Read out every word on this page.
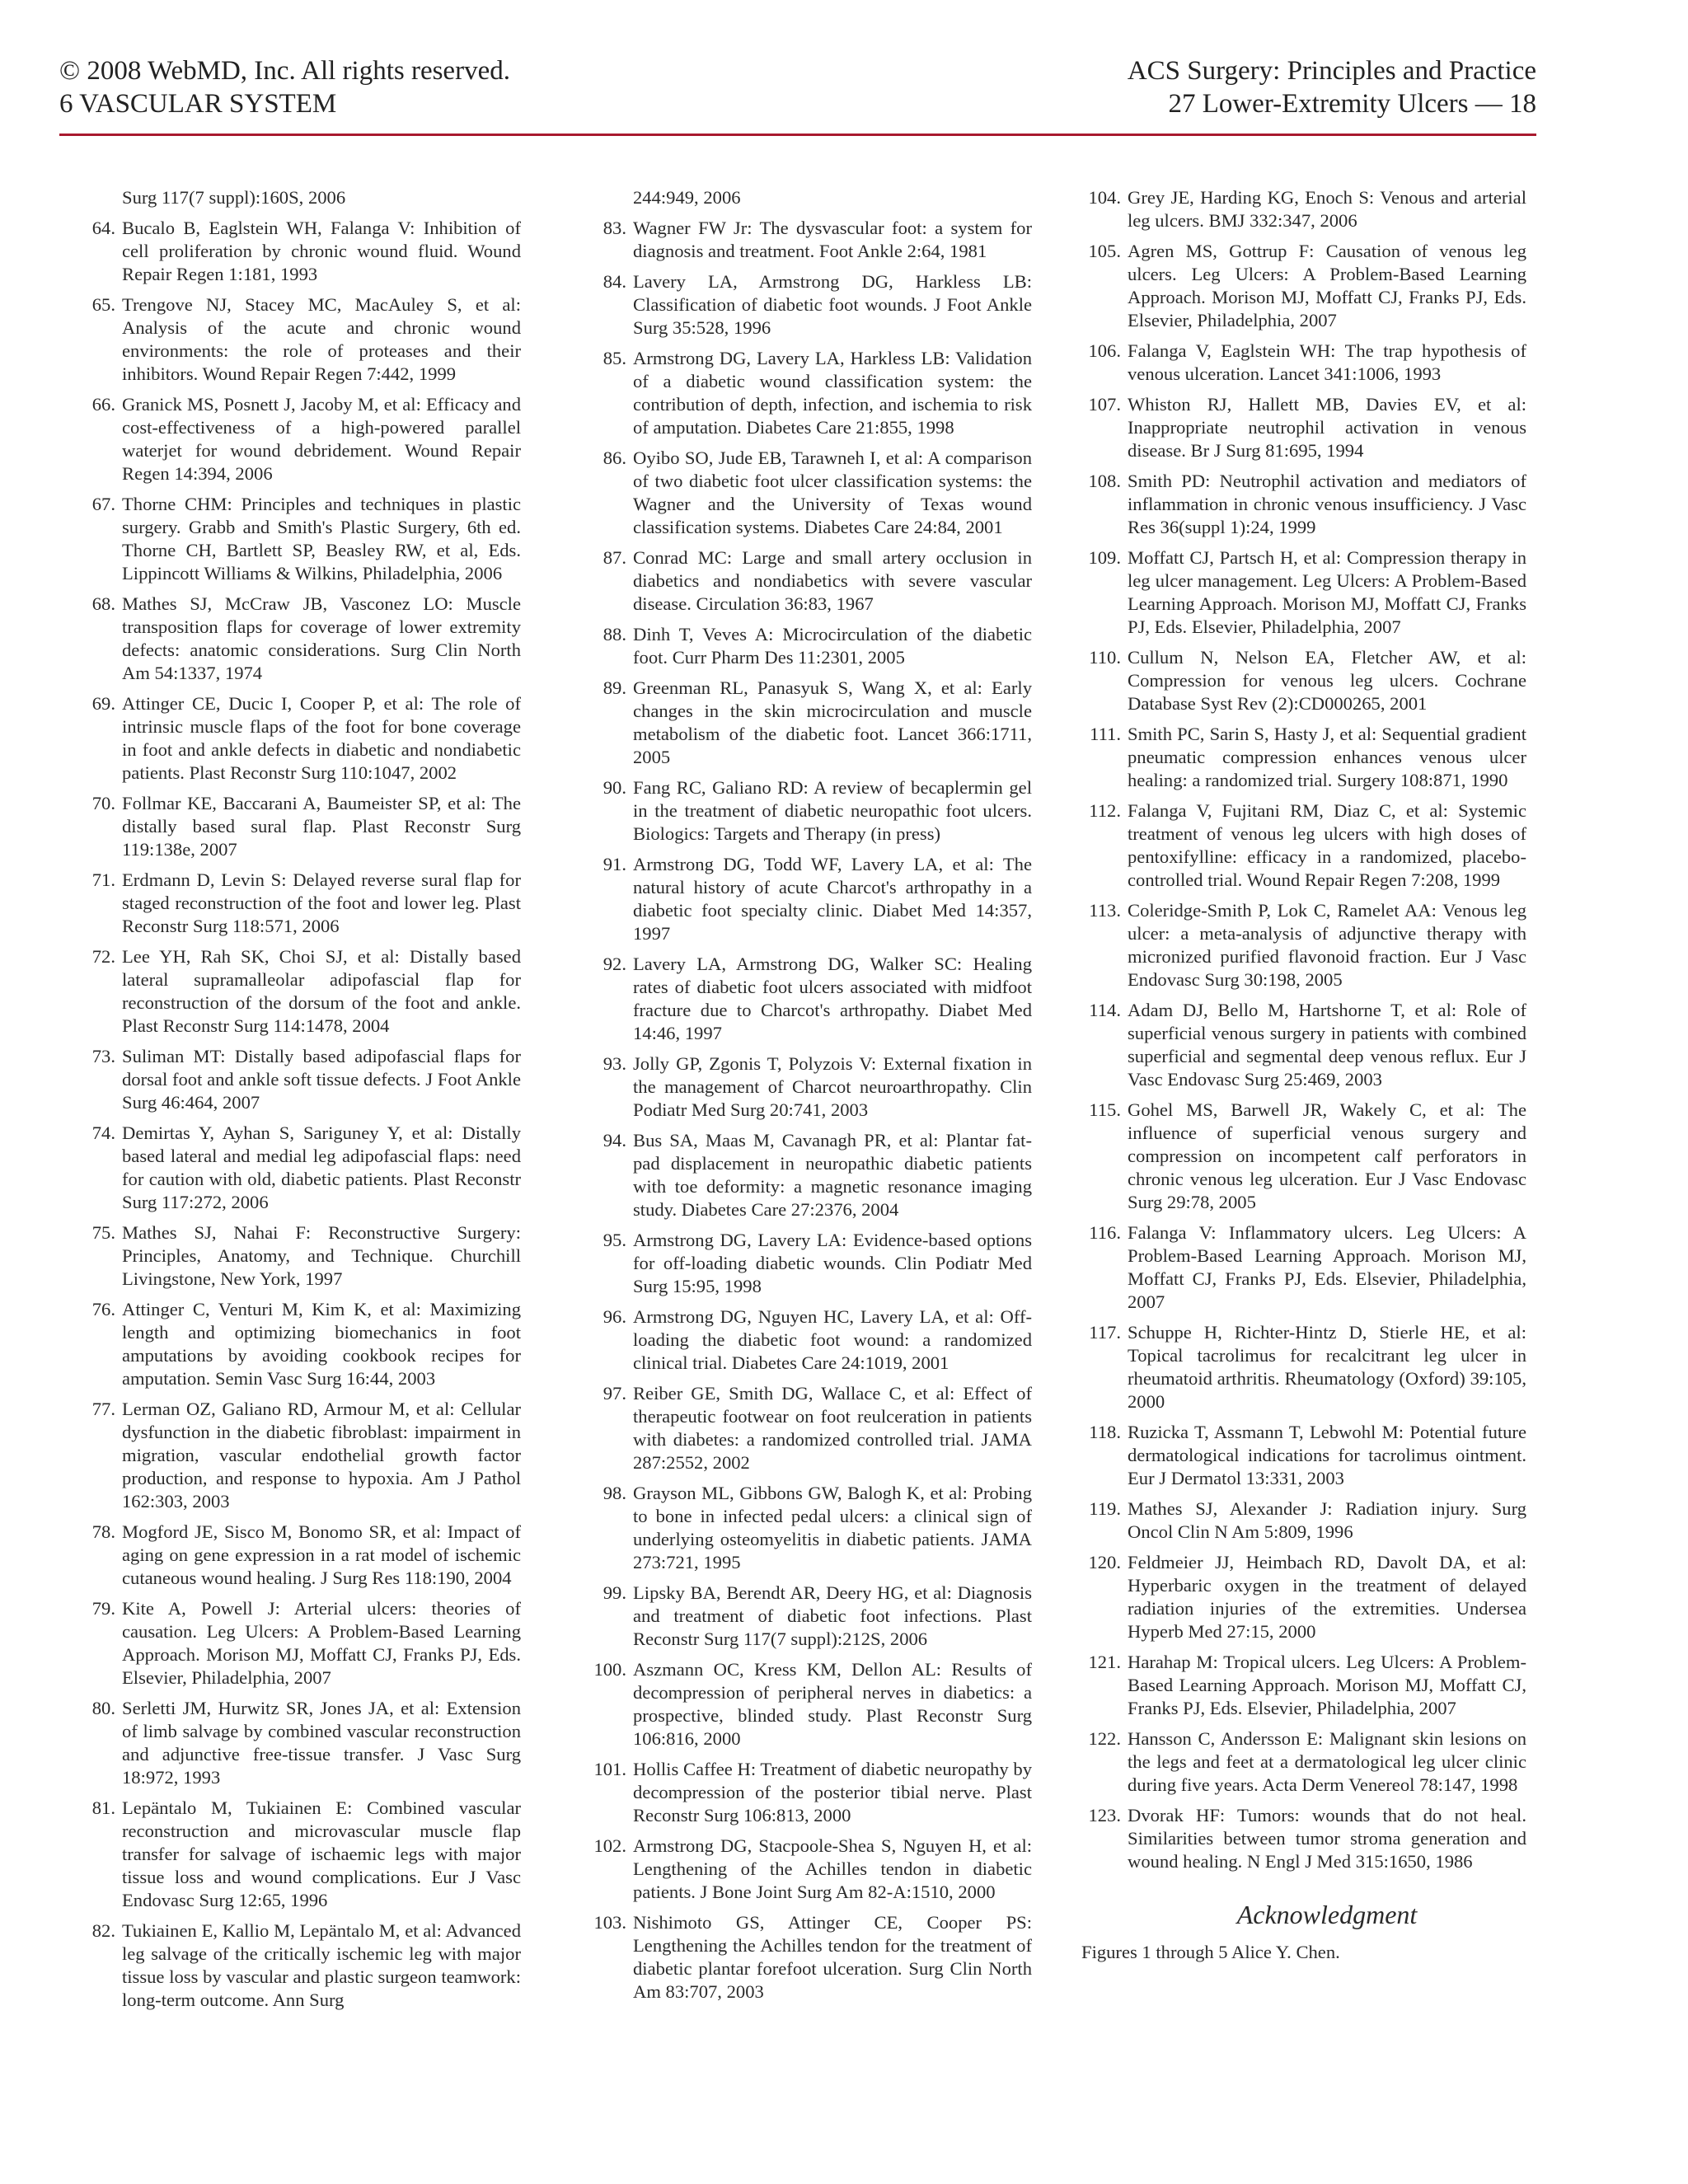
© 2008 WebMD, Inc. All rights reserved.
6 VASCULAR SYSTEM
ACS Surgery: Principles and Practice
27 Lower-Extremity Ulcers — 18
Surg 117(7 suppl):160S, 2006
64. Bucalo B, Eaglstein WH, Falanga V: Inhibition of cell proliferation by chronic wound fluid. Wound Repair Regen 1:181, 1993
65. Trengove NJ, Stacey MC, MacAuley S, et al: Analysis of the acute and chronic wound environments: the role of proteases and their inhibitors. Wound Repair Regen 7:442, 1999
66. Granick MS, Posnett J, Jacoby M, et al: Efficacy and cost-effectiveness of a high-powered parallel waterjet for wound debridement. Wound Repair Regen 14:394, 2006
67. Thorne CHM: Principles and techniques in plastic surgery. Grabb and Smith's Plastic Surgery, 6th ed. Thorne CH, Bartlett SP, Beasley RW, et al, Eds. Lippincott Williams & Wilkins, Philadelphia, 2006
68. Mathes SJ, McCraw JB, Vasconez LO: Muscle transposition flaps for coverage of lower extremity defects: anatomic considerations. Surg Clin North Am 54:1337, 1974
69. Attinger CE, Ducic I, Cooper P, et al: The role of intrinsic muscle flaps of the foot for bone coverage in foot and ankle defects in diabetic and nondiabetic patients. Plast Reconstr Surg 110:1047, 2002
70. Follmar KE, Baccarani A, Baumeister SP, et al: The distally based sural flap. Plast Reconstr Surg 119:138e, 2007
71. Erdmann D, Levin S: Delayed reverse sural flap for staged reconstruction of the foot and lower leg. Plast Reconstr Surg 118:571, 2006
72. Lee YH, Rah SK, Choi SJ, et al: Distally based lateral supramalleolar adipofascial flap for reconstruction of the dorsum of the foot and ankle. Plast Reconstr Surg 114:1478, 2004
73. Suliman MT: Distally based adipofascial flaps for dorsal foot and ankle soft tissue defects. J Foot Ankle Surg 46:464, 2007
74. Demirtas Y, Ayhan S, Sariguney Y, et al: Distally based lateral and medial leg adipofascial flaps: need for caution with old, diabetic patients. Plast Reconstr Surg 117:272, 2006
75. Mathes SJ, Nahai F: Reconstructive Surgery: Principles, Anatomy, and Technique. Churchill Livingstone, New York, 1997
76. Attinger C, Venturi M, Kim K, et al: Maximizing length and optimizing biomechanics in foot amputations by avoiding cookbook recipes for amputation. Semin Vasc Surg 16:44, 2003
77. Lerman OZ, Galiano RD, Armour M, et al: Cellular dysfunction in the diabetic fibroblast: impairment in migration, vascular endothelial growth factor production, and response to hypoxia. Am J Pathol 162:303, 2003
78. Mogford JE, Sisco M, Bonomo SR, et al: Impact of aging on gene expression in a rat model of ischemic cutaneous wound healing. J Surg Res 118:190, 2004
79. Kite A, Powell J: Arterial ulcers: theories of causation. Leg Ulcers: A Problem-Based Learning Approach. Morison MJ, Moffatt CJ, Franks PJ, Eds. Elsevier, Philadelphia, 2007
80. Serletti JM, Hurwitz SR, Jones JA, et al: Extension of limb salvage by combined vascular reconstruction and adjunctive free-tissue transfer. J Vasc Surg 18:972, 1993
81. Lepäntalo M, Tukiainen E: Combined vascular reconstruction and microvascular muscle flap transfer for salvage of ischaemic legs with major tissue loss and wound complications. Eur J Vasc Endovasc Surg 12:65, 1996
82. Tukiainen E, Kallio M, Lepäntalo M, et al: Advanced leg salvage of the critically ischemic leg with major tissue loss by vascular and plastic surgeon teamwork: long-term outcome. Ann Surg
244:949, 2006
83. Wagner FW Jr: The dysvascular foot: a system for diagnosis and treatment. Foot Ankle 2:64, 1981
84. Lavery LA, Armstrong DG, Harkless LB: Classification of diabetic foot wounds. J Foot Ankle Surg 35:528, 1996
85. Armstrong DG, Lavery LA, Harkless LB: Validation of a diabetic wound classification system: the contribution of depth, infection, and ischemia to risk of amputation. Diabetes Care 21:855, 1998
86. Oyibo SO, Jude EB, Tarawneh I, et al: A comparison of two diabetic foot ulcer classification systems: the Wagner and the University of Texas wound classification systems. Diabetes Care 24:84, 2001
87. Conrad MC: Large and small artery occlusion in diabetics and nondiabetics with severe vascular disease. Circulation 36:83, 1967
88. Dinh T, Veves A: Microcirculation of the diabetic foot. Curr Pharm Des 11:2301, 2005
89. Greenman RL, Panasyuk S, Wang X, et al: Early changes in the skin microcirculation and muscle metabolism of the diabetic foot. Lancet 366:1711, 2005
90. Fang RC, Galiano RD: A review of becaplermin gel in the treatment of diabetic neuropathic foot ulcers. Biologics: Targets and Therapy (in press)
91. Armstrong DG, Todd WF, Lavery LA, et al: The natural history of acute Charcot's arthropathy in a diabetic foot specialty clinic. Diabet Med 14:357, 1997
92. Lavery LA, Armstrong DG, Walker SC: Healing rates of diabetic foot ulcers associated with midfoot fracture due to Charcot's arthropathy. Diabet Med 14:46, 1997
93. Jolly GP, Zgonis T, Polyzois V: External fixation in the management of Charcot neuroarthropathy. Clin Podiatr Med Surg 20:741, 2003
94. Bus SA, Maas M, Cavanagh PR, et al: Plantar fat-pad displacement in neuropathic diabetic patients with toe deformity: a magnetic resonance imaging study. Diabetes Care 27:2376, 2004
95. Armstrong DG, Lavery LA: Evidence-based options for off-loading diabetic wounds. Clin Podiatr Med Surg 15:95, 1998
96. Armstrong DG, Nguyen HC, Lavery LA, et al: Off-loading the diabetic foot wound: a randomized clinical trial. Diabetes Care 24:1019, 2001
97. Reiber GE, Smith DG, Wallace C, et al: Effect of therapeutic footwear on foot reulceration in patients with diabetes: a randomized controlled trial. JAMA 287:2552, 2002
98. Grayson ML, Gibbons GW, Balogh K, et al: Probing to bone in infected pedal ulcers: a clinical sign of underlying osteomyelitis in diabetic patients. JAMA 273:721, 1995
99. Lipsky BA, Berendt AR, Deery HG, et al: Diagnosis and treatment of diabetic foot infections. Plast Reconstr Surg 117(7 suppl):212S, 2006
100. Aszmann OC, Kress KM, Dellon AL: Results of decompression of peripheral nerves in diabetics: a prospective, blinded study. Plast Reconstr Surg 106:816, 2000
101. Hollis Caffee H: Treatment of diabetic neuropathy by decompression of the posterior tibial nerve. Plast Reconstr Surg 106:813, 2000
102. Armstrong DG, Stacpoole-Shea S, Nguyen H, et al: Lengthening of the Achilles tendon in diabetic patients. J Bone Joint Surg Am 82-A:1510, 2000
103. Nishimoto GS, Attinger CE, Cooper PS: Lengthening the Achilles tendon for the treatment of diabetic plantar forefoot ulceration. Surg Clin North Am 83:707, 2003
104. Grey JE, Harding KG, Enoch S: Venous and arterial leg ulcers. BMJ 332:347, 2006
105. Agren MS, Gottrup F: Causation of venous leg ulcers. Leg Ulcers: A Problem-Based Learning Approach. Morison MJ, Moffatt CJ, Franks PJ, Eds. Elsevier, Philadelphia, 2007
106. Falanga V, Eaglstein WH: The trap hypothesis of venous ulceration. Lancet 341:1006, 1993
107. Whiston RJ, Hallett MB, Davies EV, et al: Inappropriate neutrophil activation in venous disease. Br J Surg 81:695, 1994
108. Smith PD: Neutrophil activation and mediators of inflammation in chronic venous insufficiency. J Vasc Res 36(suppl 1):24, 1999
109. Moffatt CJ, Partsch H, et al: Compression therapy in leg ulcer management. Leg Ulcers: A Problem-Based Learning Approach. Morison MJ, Moffatt CJ, Franks PJ, Eds. Elsevier, Philadelphia, 2007
110. Cullum N, Nelson EA, Fletcher AW, et al: Compression for venous leg ulcers. Cochrane Database Syst Rev (2):CD000265, 2001
111. Smith PC, Sarin S, Hasty J, et al: Sequential gradient pneumatic compression enhances venous ulcer healing: a randomized trial. Surgery 108:871, 1990
112. Falanga V, Fujitani RM, Diaz C, et al: Systemic treatment of venous leg ulcers with high doses of pentoxifylline: efficacy in a randomized, placebo-controlled trial. Wound Repair Regen 7:208, 1999
113. Coleridge-Smith P, Lok C, Ramelet AA: Venous leg ulcer: a meta-analysis of adjunctive therapy with micronized purified flavonoid fraction. Eur J Vasc Endovasc Surg 30:198, 2005
114. Adam DJ, Bello M, Hartshorne T, et al: Role of superficial venous surgery in patients with combined superficial and segmental deep venous reflux. Eur J Vasc Endovasc Surg 25:469, 2003
115. Gohel MS, Barwell JR, Wakely C, et al: The influence of superficial venous surgery and compression on incompetent calf perforators in chronic venous leg ulceration. Eur J Vasc Endovasc Surg 29:78, 2005
116. Falanga V: Inflammatory ulcers. Leg Ulcers: A Problem-Based Learning Approach. Morison MJ, Moffatt CJ, Franks PJ, Eds. Elsevier, Philadelphia, 2007
117. Schuppe H, Richter-Hintz D, Stierle HE, et al: Topical tacrolimus for recalcitrant leg ulcer in rheumatoid arthritis. Rheumatology (Oxford) 39:105, 2000
118. Ruzicka T, Assmann T, Lebwohl M: Potential future dermatological indications for tacrolimus ointment. Eur J Dermatol 13:331, 2003
119. Mathes SJ, Alexander J: Radiation injury. Surg Oncol Clin N Am 5:809, 1996
120. Feldmeier JJ, Heimbach RD, Davolt DA, et al: Hyperbaric oxygen in the treatment of delayed radiation injuries of the extremities. Undersea Hyperb Med 27:15, 2000
121. Harahap M: Tropical ulcers. Leg Ulcers: A Problem-Based Learning Approach. Morison MJ, Moffatt CJ, Franks PJ, Eds. Elsevier, Philadelphia, 2007
122. Hansson C, Andersson E: Malignant skin lesions on the legs and feet at a dermatological leg ulcer clinic during five years. Acta Derm Venereol 78:147, 1998
123. Dvorak HF: Tumors: wounds that do not heal. Similarities between tumor stroma generation and wound healing. N Engl J Med 315:1650, 1986
Acknowledgment
Figures 1 through 5 Alice Y. Chen.
